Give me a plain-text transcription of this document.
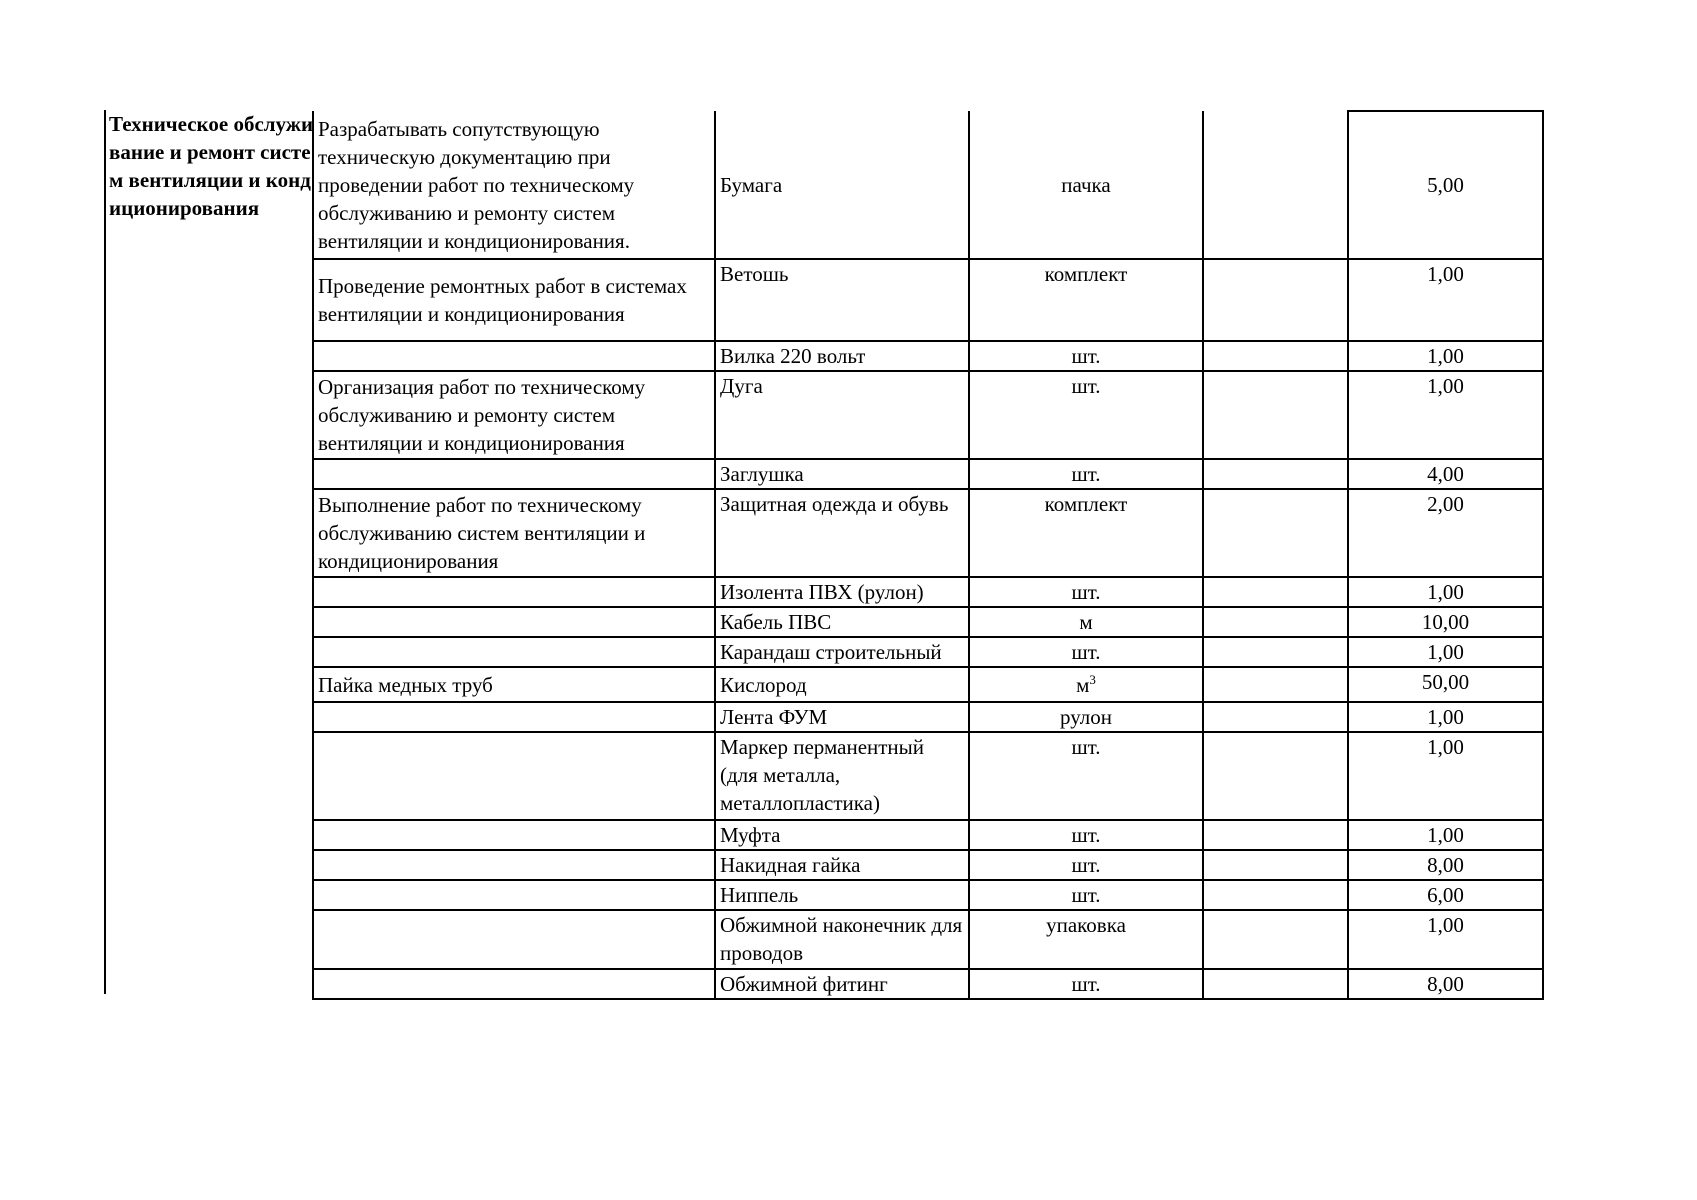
Техническое обслуживание и ремонт систем вентиляции и кондиционирования
Разрабатывать сопутствующую техническую документацию при проведении работ по техническому обслуживанию и ремонту систем вентиляции и кондиционирования.	Бумага	пачка		5,00
Проведение ремонтных работ в системах вентиляции и кондиционирования	Ветошь	комплект		1,00
	Вилка 220 вольт	шт.		1,00
Организация работ по техническому обслуживанию и ремонту систем вентиляции и кондиционирования	Дуга	шт.		1,00
	Заглушка	шт.		4,00
Выполнение работ по техническому обслуживанию систем вентиляции и кондиционирования	Защитная одежда и обувь	комплект		2,00
	Изолента ПВХ (рулон)	шт.		1,00
	Кабель ПВС	м		10,00
	Карандаш строительный	шт.		1,00
Пайка медных труб	Кислород	$м^3$		50,00
	Лента ФУМ	рулон		1,00
	Маркер перманентный (для металла, металлопластика)	шт.		1,00
	Муфта	шт.		1,00
	Накидная гайка	шт.		8,00
	Ниппель	шт.		6,00
	Обжимной наконечник для проводов	упаковка		1,00
	Обжимной фитинг	шт.		8,00
